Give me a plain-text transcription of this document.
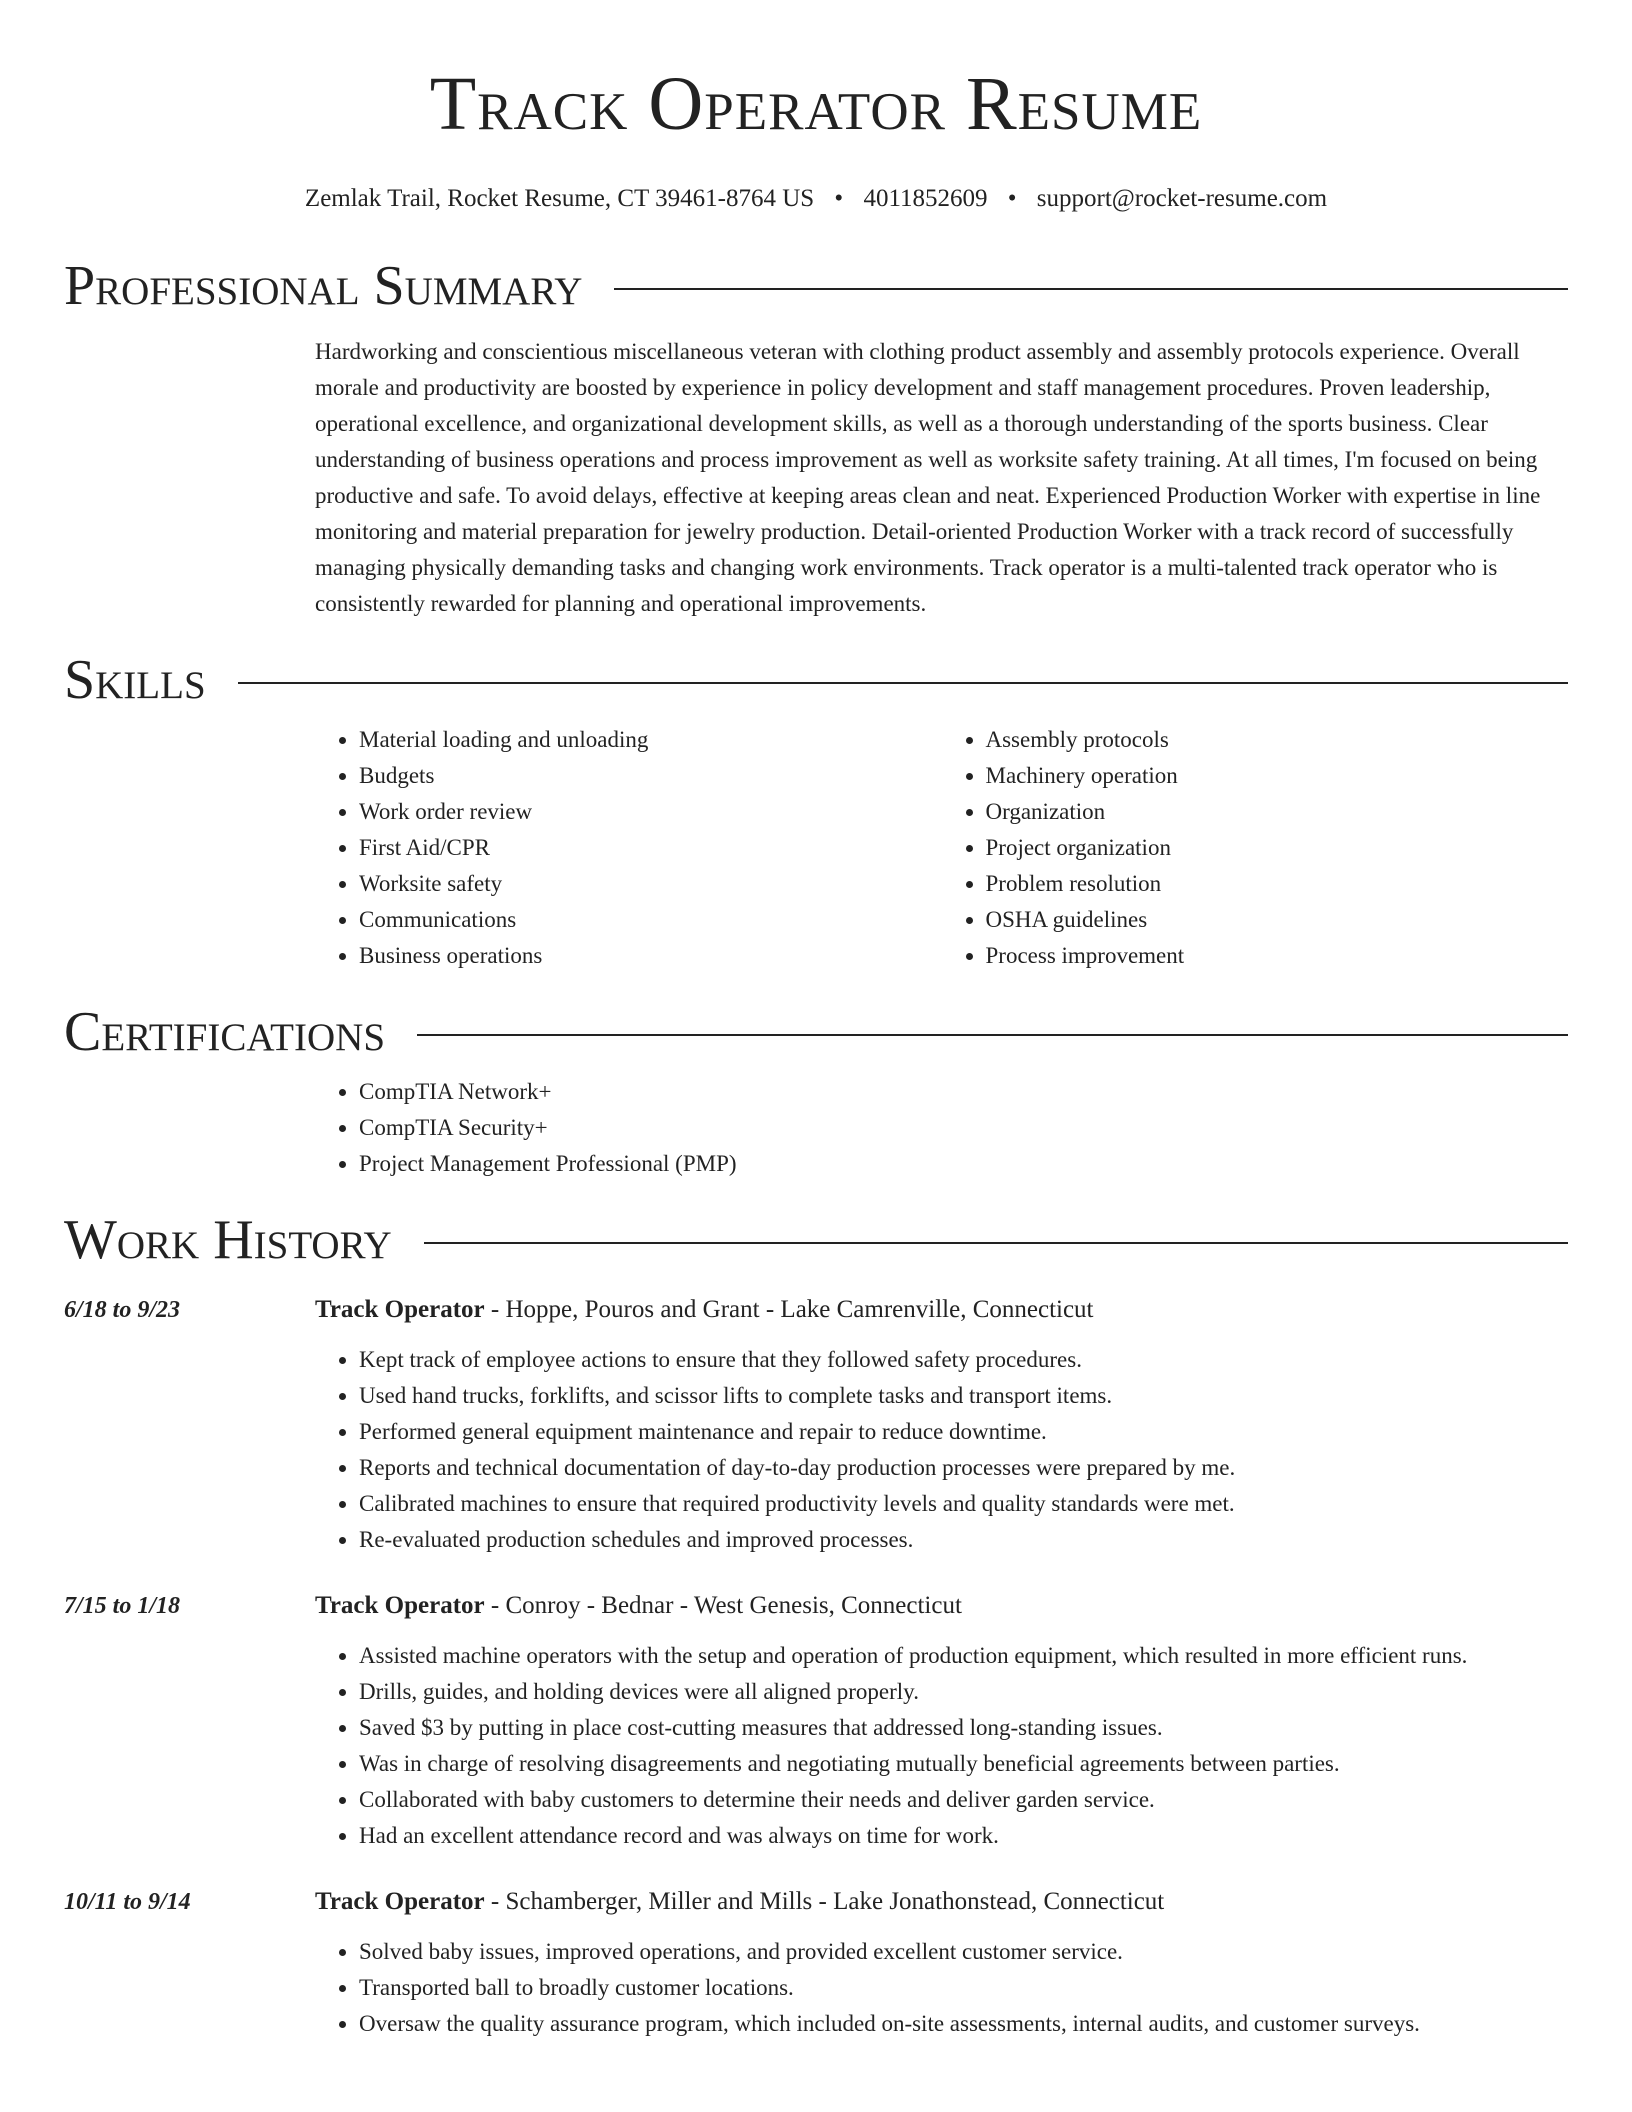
Track Operator Resume
Zemlak Trail, Rocket Resume, CT 39461-8764 US • 4011852609 • support@rocket-resume.com
Professional Summary
Hardworking and conscientious miscellaneous veteran with clothing product assembly and assembly protocols experience. Overall morale and productivity are boosted by experience in policy development and staff management procedures. Proven leadership, operational excellence, and organizational development skills, as well as a thorough understanding of the sports business. Clear understanding of business operations and process improvement as well as worksite safety training. At all times, I'm focused on being productive and safe. To avoid delays, effective at keeping areas clean and neat. Experienced Production Worker with expertise in line monitoring and material preparation for jewelry production. Detail-oriented Production Worker with a track record of successfully managing physically demanding tasks and changing work environments. Track operator is a multi-talented track operator who is consistently rewarded for planning and operational improvements.
Skills
• Material loading and unloading
• Budgets
• Work order review
• First Aid/CPR
• Worksite safety
• Communications
• Business operations
• Assembly protocols
• Machinery operation
• Organization
• Project organization
• Problem resolution
• OSHA guidelines
• Process improvement
Certifications
• CompTIA Network+
• CompTIA Security+
• Project Management Professional (PMP)
Work History
6/18 to 9/23	Track Operator - Hoppe, Pouros and Grant - Lake Camrenville, Connecticut
• Kept track of employee actions to ensure that they followed safety procedures.
• Used hand trucks, forklifts, and scissor lifts to complete tasks and transport items.
• Performed general equipment maintenance and repair to reduce downtime.
• Reports and technical documentation of day-to-day production processes were prepared by me.
• Calibrated machines to ensure that required productivity levels and quality standards were met.
• Re-evaluated production schedules and improved processes.
7/15 to 1/18	Track Operator - Conroy - Bednar - West Genesis, Connecticut
• Assisted machine operators with the setup and operation of production equipment, which resulted in more efficient runs.
• Drills, guides, and holding devices were all aligned properly.
• Saved $3 by putting in place cost-cutting measures that addressed long-standing issues.
• Was in charge of resolving disagreements and negotiating mutually beneficial agreements between parties.
• Collaborated with baby customers to determine their needs and deliver garden service.
• Had an excellent attendance record and was always on time for work.
10/11 to 9/14	Track Operator - Schamberger, Miller and Mills - Lake Jonathonstead, Connecticut
• Solved baby issues, improved operations, and provided excellent customer service.
• Transported ball to broadly customer locations.
• Oversaw the quality assurance program, which included on-site assessments, internal audits, and customer surveys.
